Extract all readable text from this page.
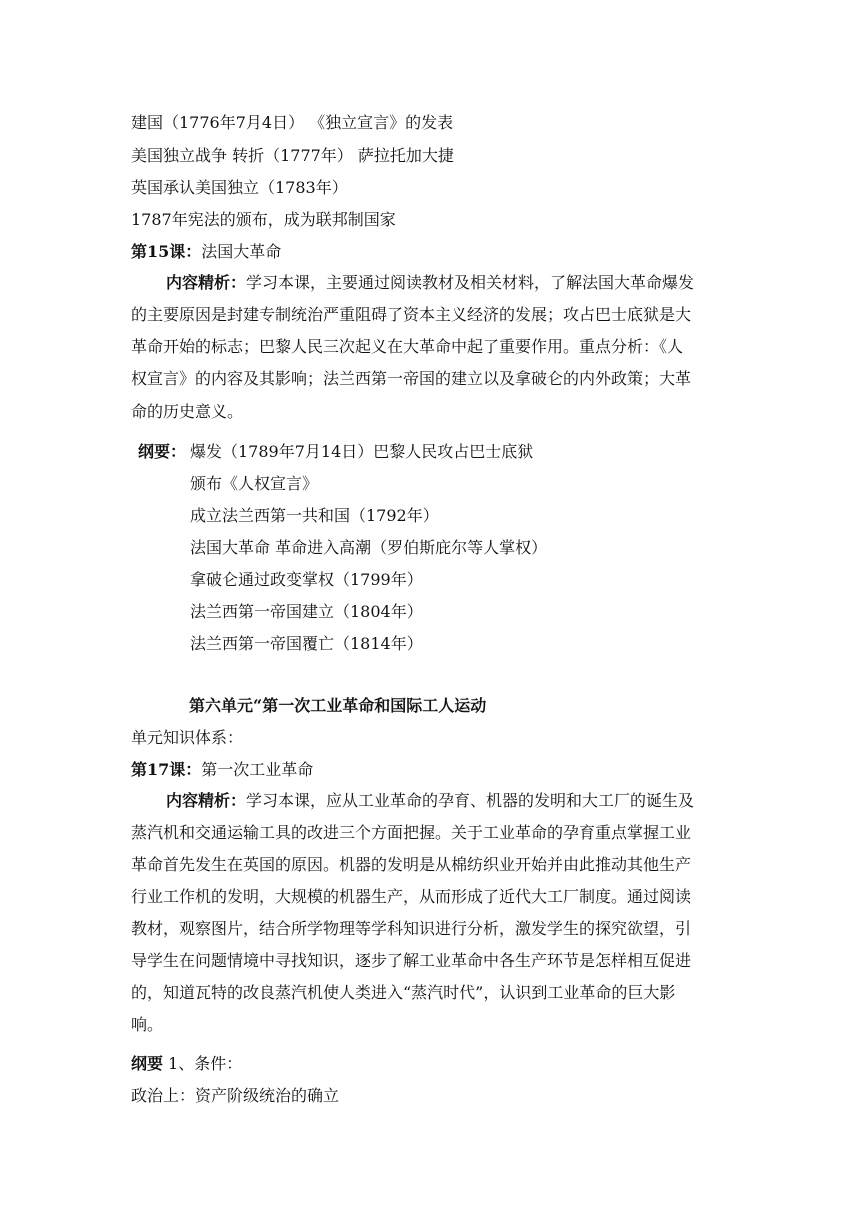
建国（1776年7月4日） 《独立宣言》的发表
美国独立战争 转折（1777年） 萨拉托加大捷
英国承认美国独立（1783年）
1787年宪法的颁布，成为联邦制国家
第15课：法国大革命
内容精析：学习本课，主要通过阅读教材及相关材料，了解法国大革命爆发
的主要原因是封建专制统治严重阻碍了资本主义经济的发展；攻占巴士底狱是大
革命开始的标志；巴黎人民三次起义在大革命中起了重要作用。重点分析：《人
权宣言》的内容及其影响；法兰西第一帝国的建立以及拿破仑的内外政策；大革
命的历史意义。
纲要： 爆发（1789年7月14日）巴黎人民攻占巴士底狱
颁布《人权宣言》
成立法兰西第一共和国（1792年）
法国大革命 革命进入高潮（罗伯斯庇尔等人掌权）
拿破仑通过政变掌权（1799年）
法兰西第一帝国建立（1804年）
法兰西第一帝国覆亡（1814年）
第六单元“第一次工业革命和国际工人运动
单元知识体系：
第17课：第一次工业革命
内容精析：学习本课，应从工业革命的孕育、机器的发明和大工厂的诞生及
蒸汽机和交通运输工具的改进三个方面把握。关于工业革命的孕育重点掌握工业
革命首先发生在英国的原因。机器的发明是从棉纺织业开始并由此推动其他生产
行业工作机的发明，大规模的机器生产，从而形成了近代大工厂制度。通过阅读
教材，观察图片，结合所学物理等学科知识进行分析，激发学生的探究欲望，引
导学生在问题情境中寻找知识，逐步了解工业革命中各生产环节是怎样相互促进
的，知道瓦特的改良蒸汽机使人类进入“蒸汽时代”，认识到工业革命的巨大影
响。
纲要 1、条件：
政治上：资产阶级统治的确立
